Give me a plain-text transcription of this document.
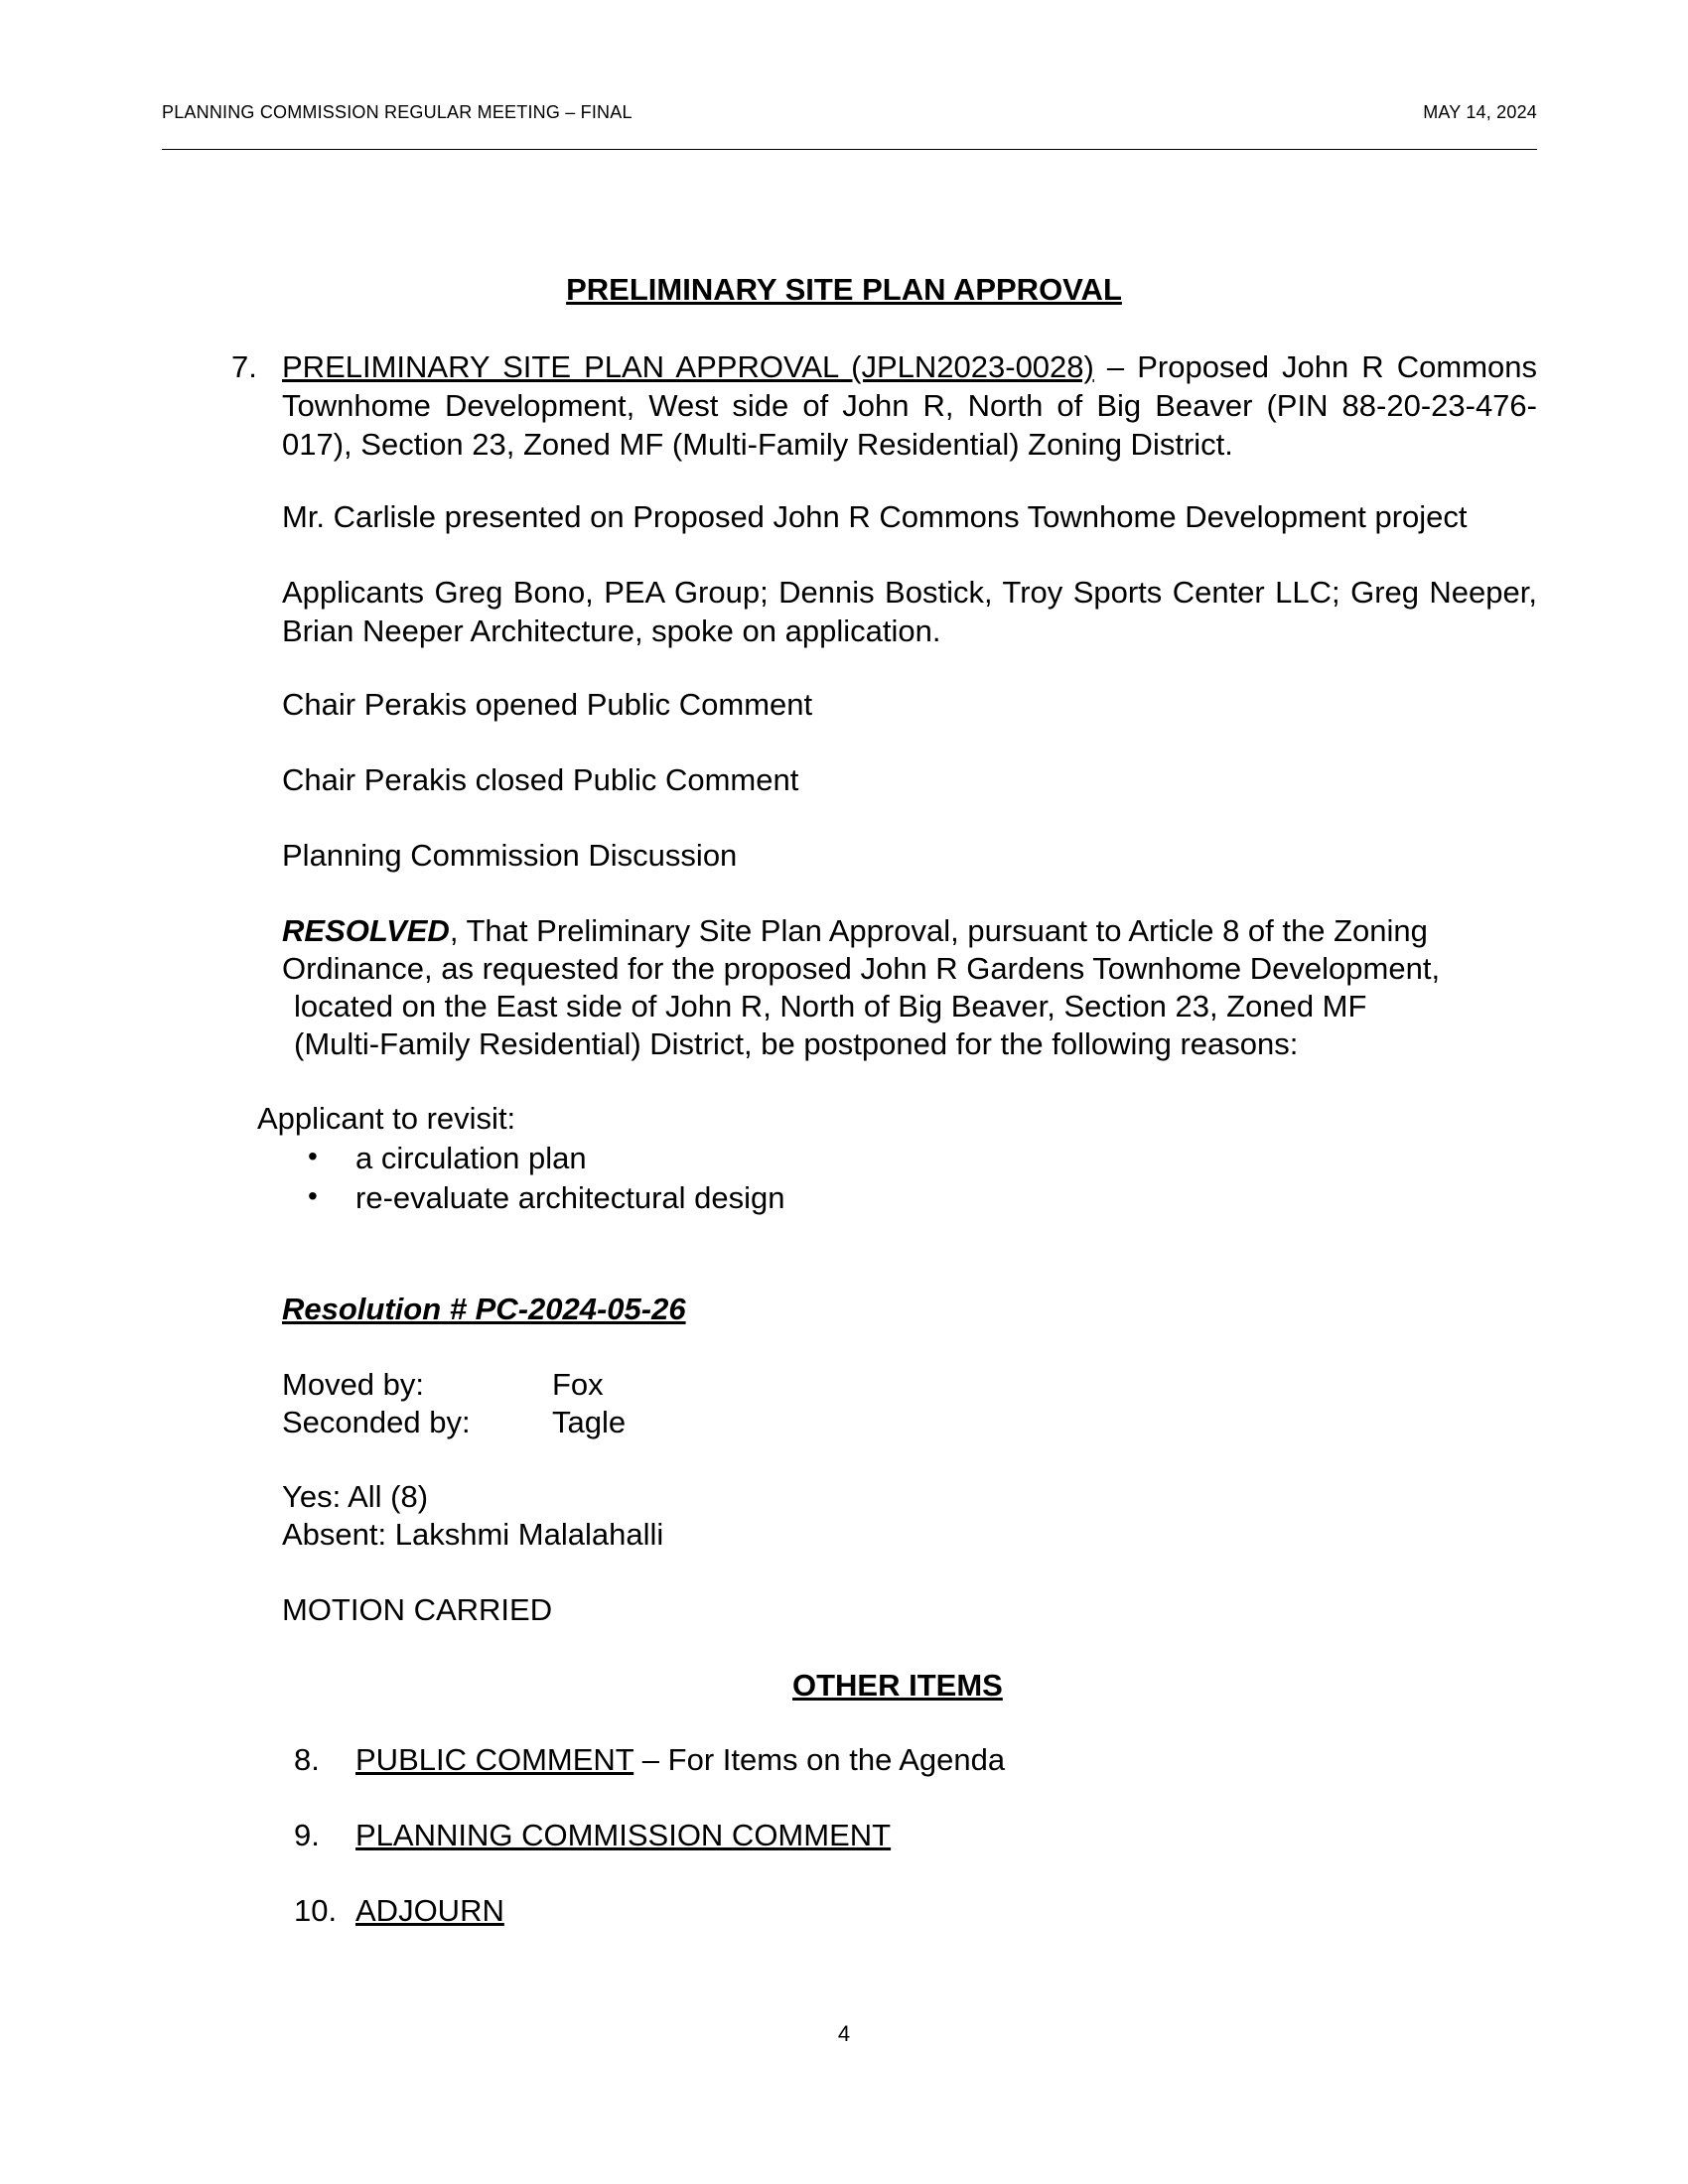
PLANNING COMMISSION REGULAR MEETING – FINAL	MAY 14, 2024
PRELIMINARY SITE PLAN APPROVAL
7. PRELIMINARY SITE PLAN APPROVAL (JPLN2023-0028) – Proposed John R Commons Townhome Development, West side of John R, North of Big Beaver (PIN 88-20-23-476-017), Section 23, Zoned MF (Multi-Family Residential) Zoning District.
Mr. Carlisle presented on Proposed John R Commons Townhome Development project
Applicants Greg Bono, PEA Group; Dennis Bostick, Troy Sports Center LLC; Greg Neeper, Brian Neeper Architecture, spoke on application.
Chair Perakis opened Public Comment
Chair Perakis closed Public Comment
Planning Commission Discussion
RESOLVED, That Preliminary Site Plan Approval, pursuant to Article 8 of the Zoning
Ordinance, as requested for the proposed John R Gardens Townhome Development,
located on the East side of John R, North of Big Beaver, Section 23, Zoned MF
(Multi-Family Residential) District, be postponed for the following reasons:
Applicant to revisit:
• a circulation plan
• re-evaluate architectural design
Resolution # PC-2024-05-26
Moved by:	Fox
Seconded by:	Tagle
Yes: All (8)
Absent: Lakshmi Malalahalli
MOTION CARRIED
OTHER ITEMS
8. PUBLIC COMMENT – For Items on the Agenda
9. PLANNING COMMISSION COMMENT
10. ADJOURN
4
